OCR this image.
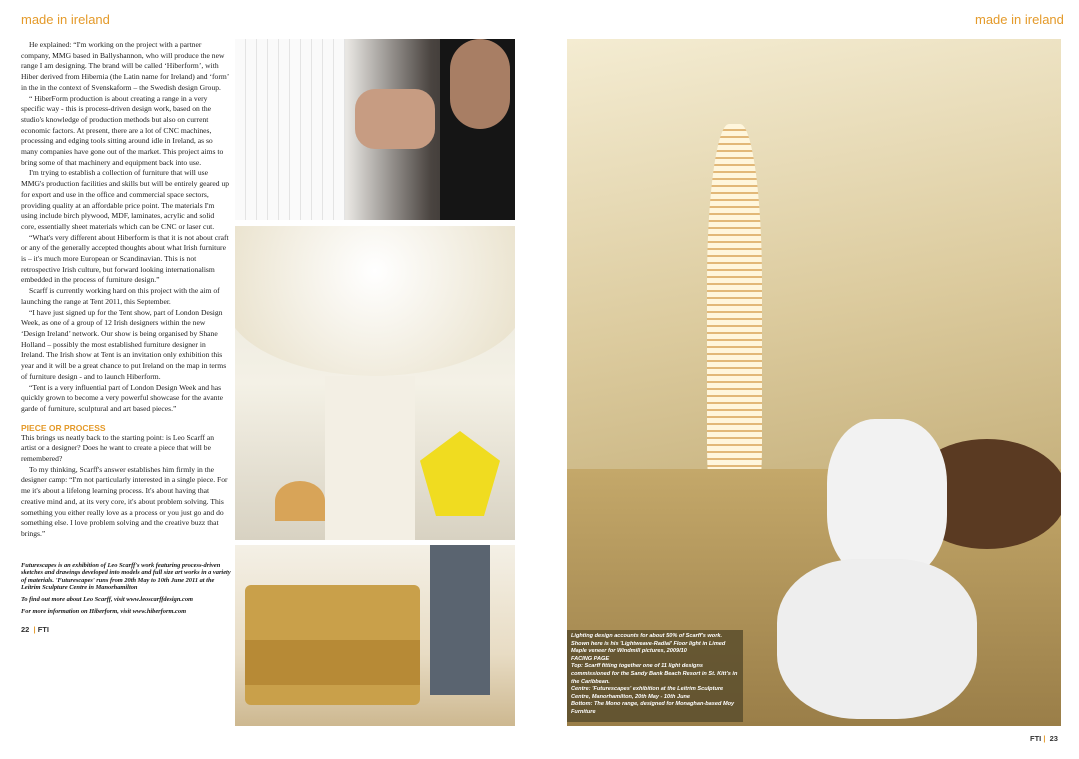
made in ireland	made in ireland

He explained: “I'm working on the project with a partner company, MMG based in Ballyshannon, who will produce the new range I am designing. The brand will be called ‘Hiberform’, with Hiber derived from Hibernia (the Latin name for Ireland) and ‘form’ in the in the context of Svenskaform – the Swedish design Group.

“ HiberForm production is about creating a range in a very specific way - this is process-driven design work, based on the studio's knowledge of production methods but also on current economic factors. At present, there are a lot of CNC machines, processing and edging tools sitting around idle in Ireland, as so many companies have gone out of the market. This project aims to bring some of that machinery and equipment back into use.

I'm trying to establish a collection of furniture that will use MMG's production facilities and skills but will be entirely geared up for export and use in the office and commercial space sectors, providing quality at an affordable price point. The materials I'm using include birch plywood, MDF, laminates, acrylic and solid core, essentially sheet materials which can be CNC or laser cut.

“What's very different about Hiberform is that it is not about craft or any of the generally accepted thoughts about what Irish furniture is – it's much more European or Scandinavian. This is not retrospective Irish culture, but forward looking internationalism embedded in the process of furniture design.”

Scarff is currently working hard on this project with the aim of launching the range at Tent 2011, this September.

“I have just signed up for the Tent show, part of London Design Week, as one of a group of 12 Irish designers within the new ‘Design Ireland’ network. Our show is being organised by Shane Holland – possibly the most established furniture designer in Ireland. The Irish show at Tent is an invitation only exhibition this year and it will be a great chance to put Ireland on the map in terms of furniture design - and to launch Hiberform.

“Tent is a very influential part of London Design Week and has quickly grown to become a very powerful showcase for the avante garde of furniture, sculptural and art based pieces.”

PIECE OR PROCESS

This brings us neatly back to the starting point: is Leo Scarff an artist or a designer? Does he want to create a piece that will be remembered?

To my thinking, Scarff's answer establishes him firmly in the designer camp: “I'm not particularly interested in a single piece. For me it's about a lifelong learning process. It's about having that creative mind and, at its very core, it's about problem solving. This something you either really love as a process or you just go and do something else. I love problem solving and the creative buzz that brings.”

Futurescapes is an exhibition of Leo Scarff's work featuring process-driven sketches and drawings developed into models and full size art works in a variety of materials. 'Futurescapes' runs from 20th May to 10th June 2011 at the Leitrim Sculpture Centre in Manorhamilton

To find out more about Leo Scarff, visit www.leoscarffdesign.com

For more information on Hiberform, visit www.hiberform.com

22  | FTI
FTI |  23
Lighting design accounts for about 50% of Scarff's work. Shown here is his 'Lightweave-Radial' Floor light in Limed Maple veneer for Windmill pictures, 2009/10
FACING PAGE
Top: Scarff fitting together one of 11 light designs commissioned for the Sandy Bank Beach Resort in St. Kitt's in the Caribbean.
Centre: 'Futurescapes' exhibition at the Leitrim Sculpture Centre, Manorhamilton, 20th May - 10th June
Bottom: The Mono range, designed for Monaghan-based Moy Furniture
